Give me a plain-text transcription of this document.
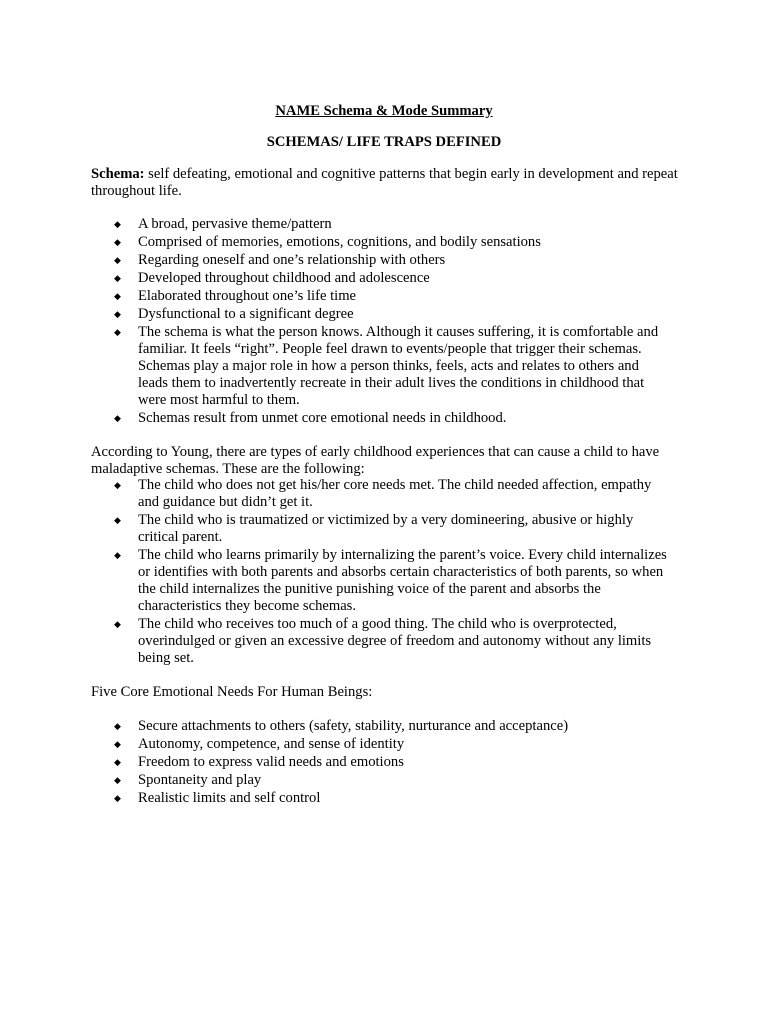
NAME Schema & Mode Summary

SCHEMAS/ LIFE TRAPS DEFINED

Schema: self defeating, emotional and cognitive patterns that begin early in development and repeat throughout life.

◆ A broad, pervasive theme/pattern
◆ Comprised of memories, emotions, cognitions, and bodily sensations
◆ Regarding oneself and one’s relationship with others
◆ Developed throughout childhood and adolescence
◆ Elaborated throughout one’s life time
◆ Dysfunctional to a significant degree
◆ The schema is what the person knows. Although it causes suffering, it is comfortable and familiar. It feels “right”. People feel drawn to events/people that trigger their schemas. Schemas play a major role in how a person thinks, feels, acts and relates to others and leads them to inadvertently recreate in their adult lives the conditions in childhood that were most harmful to them.
◆ Schemas result from unmet core emotional needs in childhood.

According to Young, there are types of early childhood experiences that can cause a child to have maladaptive schemas. These are the following:

◆ The child who does not get his/her core needs met. The child needed affection, empathy and guidance but didn’t get it.
◆ The child who is traumatized or victimized by a very domineering, abusive or highly critical parent.
◆ The child who learns primarily by internalizing the parent’s voice. Every child internalizes or identifies with both parents and absorbs certain characteristics of both parents, so when the child internalizes the punitive punishing voice of the parent and absorbs the characteristics they become schemas.
◆ The child who receives too much of a good thing. The child who is overprotected, overindulged or given an excessive degree of freedom and autonomy without any limits being set.

Five Core Emotional Needs For Human Beings:

◆ Secure attachments to others (safety, stability, nurturance and acceptance)
◆ Autonomy, competence, and sense of identity
◆ Freedom to express valid needs and emotions
◆ Spontaneity and play
◆ Realistic limits and self control
